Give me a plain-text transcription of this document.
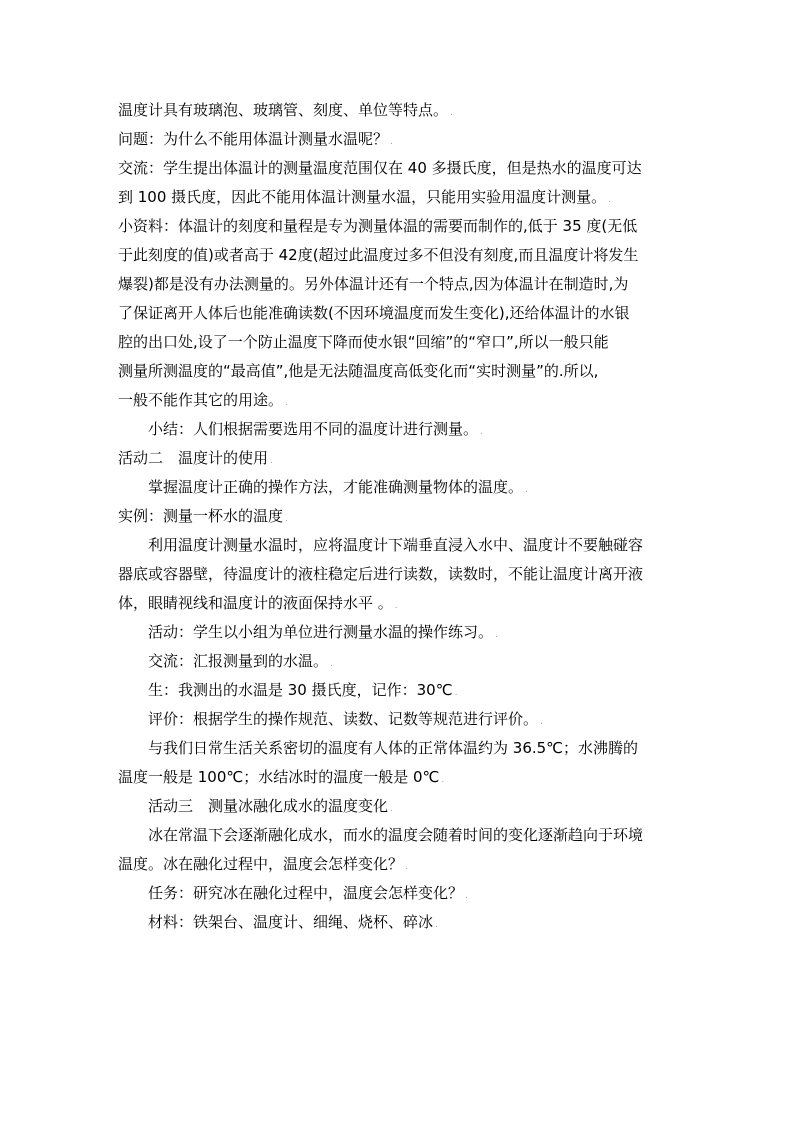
温度计具有玻璃泡、玻璃管、刻度、单位等特点。 .
问题：为什么不能用体温计测量水温呢？ .
交流：学生提出体温计的测量温度范围仅在 40 多摄氏度，但是热水的温度可达
到 100 摄氏度，因此不能用体温计测量水温，只能用实验用温度计测量。 .
小资料：体温计的刻度和量程是专为测量体温的需要而制作的,低于 35 度(无低
于此刻度的值)或者高于 42度(超过此温度过多不但没有刻度,而且温度计将发生
爆裂)都是没有办法测量的。另外体温计还有一个特点,因为体温计在制造时,为
了保证离开人体后也能准确读数(不因环境温度而发生变化),还给体温计的水银
腔的出口处,设了一个防止温度下降而使水银“回缩”的“窄口”,所以一般只能
测量所测温度的“最高值”,他是无法随温度高低变化而“实时测量”的.所以,
一般不能作其它的用途。 .
小结：人们根据需要选用不同的温度计进行测量。 .
活动二　温度计的使用 .
掌握温度计正确的操作方法，才能准确测量物体的温度。 .
实例：测量一杯水的温度 .
利用温度计测量水温时，应将温度计下端垂直浸入水中、温度计不要触碰容
器底或容器壁，待温度计的液柱稳定后进行读数，读数时，不能让温度计离开液
体，眼睛视线和温度计的液面保持水平 。 .
活动：学生以小组为单位进行测量水温的操作练习。 .
交流：汇报测量到的水温。 .
生：我测出的水温是 30 摄氏度，记作：30℃ .
评价：根据学生的操作规范、读数、记数等规范进行评价。 .
与我们日常生活关系密切的温度有人体的正常体温约为 36.5℃；水沸腾的
温度一般是 100℃；水结冰时的温度一般是 0℃ .
活动三　测量冰融化成水的温度变化 .
冰在常温下会逐渐融化成水，而水的温度会随着时间的变化逐渐趋向于环境
温度。冰在融化过程中，温度会怎样变化？ .
任务：研究冰在融化过程中，温度会怎样变化？ .
材料：铁架台、温度计、细绳、烧杯、碎冰 .
